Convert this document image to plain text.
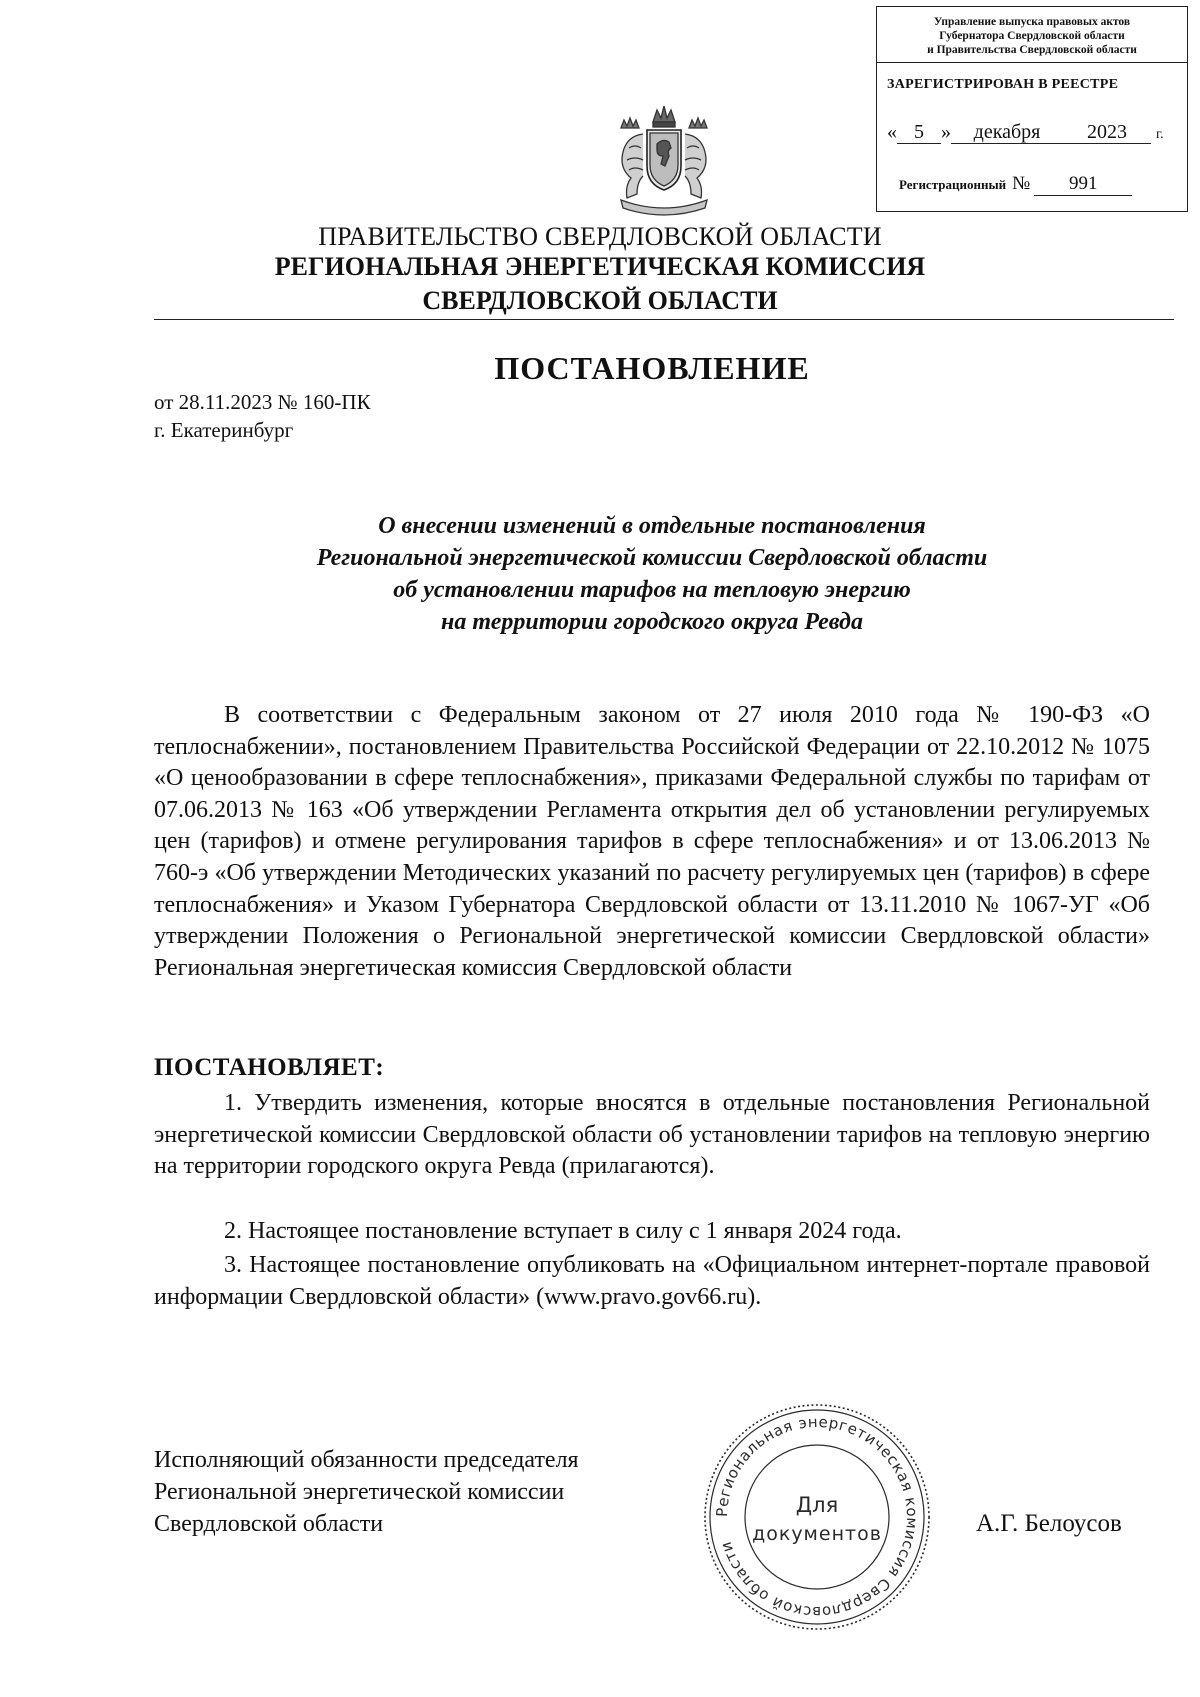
Управление выпуска правовых актов
Губернатора Свердловской области
и Правительства Свердловской области
ЗАРЕГИСТРИРОВАН В РЕЕСТРЕ
« 5 » декабря 2023 г.
Регистрационный № 991
ПРАВИТЕЛЬСТВО СВЕРДЛОВСКОЙ ОБЛАСТИ
РЕГИОНАЛЬНАЯ ЭНЕРГЕТИЧЕСКАЯ КОМИССИЯ
СВЕРДЛОВСКОЙ ОБЛАСТИ
ПОСТАНОВЛЕНИЕ
от 28.11.2023 № 160-ПК
г. Екатеринбург
О внесении изменений в отдельные постановления
Региональной энергетической комиссии Свердловской области
об установлении тарифов на тепловую энергию
на территории городского округа Ревда
В соответствии с Федеральным законом от 27 июля 2010 года № 190-ФЗ «О теплоснабжении», постановлением Правительства Российской Федерации от 22.10.2012 № 1075 «О ценообразовании в сфере теплоснабжения», приказами Федеральной службы по тарифам от 07.06.2013 № 163 «Об утверждении Регламента открытия дел об установлении регулируемых цен (тарифов) и отмене регулирования тарифов в сфере теплоснабжения» и от 13.06.2013 № 760-э «Об утверждении Методических указаний по расчету регулируемых цен (тарифов) в сфере теплоснабжения» и Указом Губернатора Свердловской области от 13.11.2010 № 1067-УГ «Об утверждении Положения о Региональной энергетической комиссии Свердловской области» Региональная энергетическая комиссия Свердловской области
ПОСТАНОВЛЯЕТ:
1. Утвердить изменения, которые вносятся в отдельные постановления Региональной энергетической комиссии Свердловской области об установлении тарифов на тепловую энергию на территории городского округа Ревда (прилагаются).
2. Настоящее постановление вступает в силу с 1 января 2024 года.
3. Настоящее постановление опубликовать на «Официальном интернет-портале правовой информации Свердловской области» (www.pravo.gov66.ru).
Исполняющий обязанности председателя
Региональной энергетической комиссии
Свердловской области	А.Г. Белоусов
Региональная энергетическая комиссия Свердловской области
Для
документов
